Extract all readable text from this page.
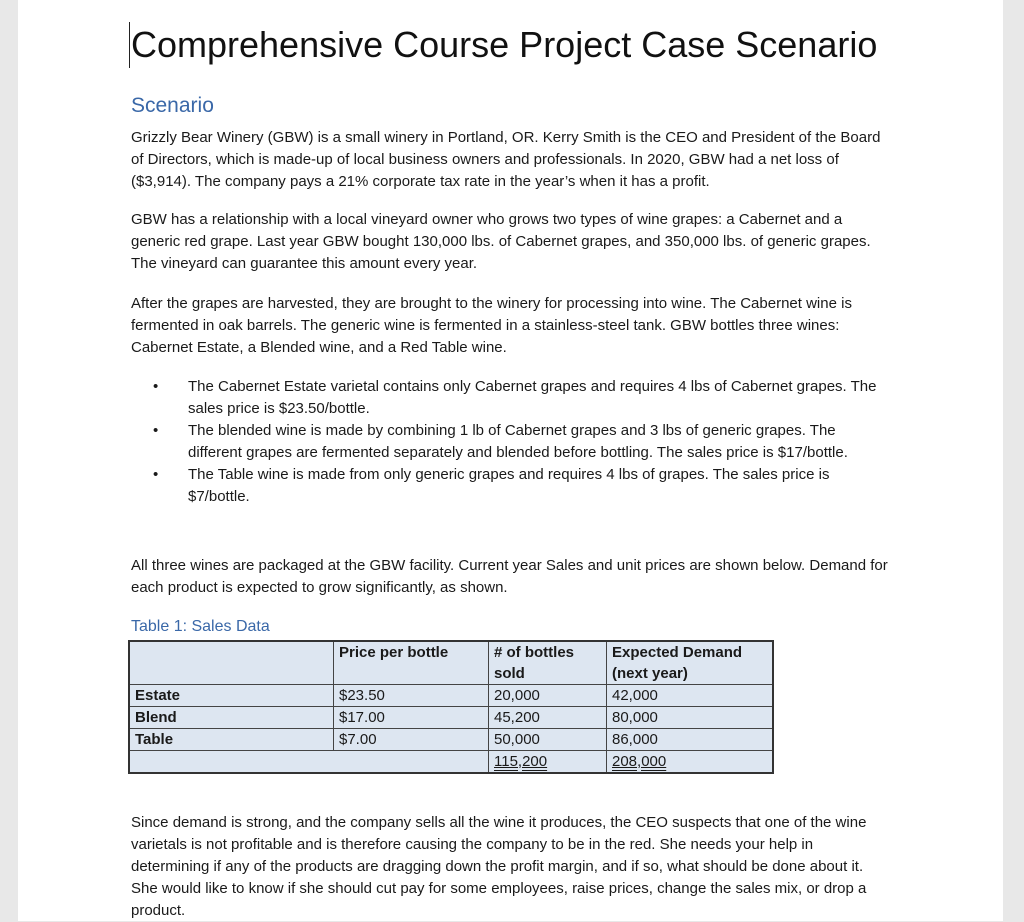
Comprehensive Course Project Case Scenario
Scenario

Grizzly Bear Winery (GBW) is a small winery in Portland, OR. Kerry Smith is the CEO and President of the Board of Directors, which is made-up of local business owners and professionals. In 2020, GBW had a net loss of ($3,914). The company pays a 21% corporate tax rate in the year’s when it has a profit.

GBW has a relationship with a local vineyard owner who grows two types of wine grapes: a Cabernet and a generic red grape. Last year GBW bought 130,000 lbs. of Cabernet grapes, and 350,000 lbs. of generic grapes. The vineyard can guarantee this amount every year.

After the grapes are harvested, they are brought to the winery for processing into wine. The Cabernet wine is fermented in oak barrels. The generic wine is fermented in a stainless-steel tank. GBW bottles three wines: Cabernet Estate, a Blended wine, and a Red Table wine.

• The Cabernet Estate varietal contains only Cabernet grapes and requires 4 lbs of Cabernet grapes. The sales price is $23.50/bottle.
• The blended wine is made by combining 1 lb of Cabernet grapes and 3 lbs of generic grapes. The different grapes are fermented separately and blended before bottling. The sales price is $17/bottle.
• The Table wine is made from only generic grapes and requires 4 lbs of grapes. The sales price is $7/bottle.

All three wines are packaged at the GBW facility. Current year Sales and unit prices are shown below. Demand for each product is expected to grow significantly, as shown.

Table 1: Sales Data
	Price per bottle	# of bottles sold	Expected Demand (next year)
Estate	$23.50	20,000	42,000
Blend	$17.00	45,200	80,000
Table	$7.00	50,000	86,000
		115,200	208,000

Since demand is strong, and the company sells all the wine it produces, the CEO suspects that one of the wine varietals is not profitable and is therefore causing the company to be in the red. She needs your help in determining if any of the products are dragging down the profit margin, and if so, what should be done about it. She would like to know if she should cut pay for some employees, raise prices, change the sales mix, or drop a product.
